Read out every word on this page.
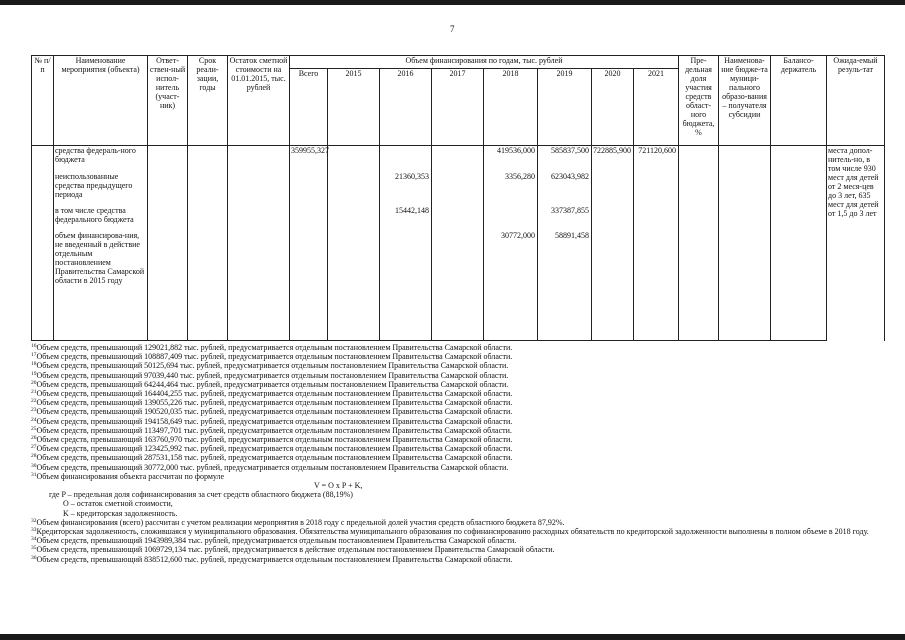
7
№ п/п	Наименование мероприятия (объекта)	Ответ-ствен-ный испол-нитель (участ-ник)	Срок реали-зации, годы	Остаток сметной стоимости на 01.01.2015, тыс. рублей	Объем финансирования по годам, тыс. рублей								Пре-дельная доля участия средств област-ного бюджета, %	Наименова-ние бюдже-та муници-пального образо-вания – получателя субсидии	Балансо-держатель	Ожида-емый резуль-тат
					Всего	2015	2016	2017	2018	2019	2020	2021				
	средства федераль-ного бюджета				359955,327				419536,000	585837,500	722885,900	721120,600				места допол-нитель-но, в том числе 930 мест для детей от 2 меся-цев до 3 лет, 635 мест для детей от 1,5 до 3 лет
	неиспользованные средства предыдущего периода						21360,353		3356,280	623043,982						
	в том числе средства федерального бюджета						15442,148			337387,855						
	объем финансирова-ния, не введенный в действие отдельным постановлением Правительства Самарской области в 2015 году								30772,000	58891,458						
$^{16}$Объем средств, превышающий 129021,882 тыс. рублей, предусматривается отдельным постановлением Правительства Самарской области.
$^{17}$Объем средств, превышающий 108887,409 тыс. рублей, предусматривается отдельным постановлением Правительства Самарской области.
$^{18}$Объем средств, превышающий 50125,694 тыс. рублей, предусматривается отдельным постановлением Правительства Самарской области.
$^{19}$Объем средств, превышающий 97039,440 тыс. рублей, предусматривается отдельным постановлением Правительства Самарской области.
$^{20}$Объем средств, превышающий 64244,464 тыс. рублей, предусматривается отдельным постановлением Правительства Самарской области.
$^{21}$Объем средств, превышающий 164404,255 тыс. рублей, предусматривается отдельным постановлением Правительства Самарской области.
$^{22}$Объем средств, превышающий 139055,226 тыс. рублей, предусматривается отдельным постановлением Правительства Самарской области.
$^{23}$Объем средств, превышающий 190520,035 тыс. рублей, предусматривается отдельным постановлением Правительства Самарской области.
$^{24}$Объем средств, превышающий 194158,649 тыс. рублей, предусматривается отдельным постановлением Правительства Самарской области.
$^{25}$Объем средств, превышающий 113497,701 тыс. рублей, предусматривается отдельным постановлением Правительства Самарской области.
$^{26}$Объем средств, превышающий 163760,970 тыс. рублей, предусматривается отдельным постановлением Правительства Самарской области.
$^{27}$Объем средств, превышающий 123425,992 тыс. рублей, предусматривается отдельным постановлением Правительства Самарской области.
$^{28}$Объем средств, превышающий 287531,158 тыс. рублей, предусматривается отдельным постановлением Правительства Самарской области.
$^{30}$Объем средств, превышающий 30772,000 тыс. рублей, предусматривается отдельным постановлением Правительства Самарской области.
$^{31}$Объем финансирования объекта рассчитан по формуле
V = O x P + K,
где P – предельная доля софинансирования за счет средств областного бюджета (88,19%)
O – остаток сметной стоимости,
K – кредиторская задолженность.
$^{32}$Объем финансирования (всего) рассчитан с учетом реализации мероприятия в 2018 году с предельной долей участия средств областного бюджета 87,92%.
$^{33}$Кредиторская задолженность, сложившаяся у муниципального образования. Обязательства муниципального образования по софинансированию расходных обязательств по кредиторской задолженности выполнены в полном объеме в 2018 году.
$^{34}$Объем средств, превышающий 1943989,384 тыс. рублей, предусматривается отдельным постановлением Правительства Самарской области.
$^{35}$Объем средств, превышающий 1069729,134 тыс. рублей, предусматривается в действие отдельным постановлением Правительства Самарской области.
$^{36}$Объем средств, превышающий 838512,600 тыс. рублей, предусматривается отдельным постановлением Правительства Самарской области.
